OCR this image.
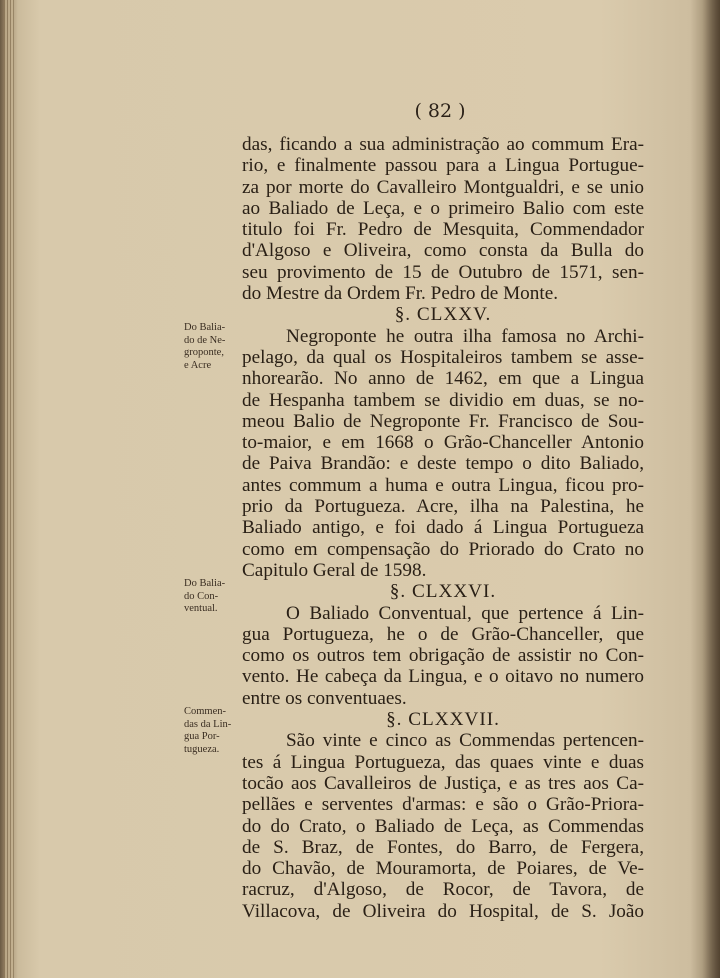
( 82 )
das, ficando a sua administração ao commum Era-
rio, e finalmente passou para a Lingua Portugue-
za por morte do Cavalleiro Montgualdri, e se unio
ao Baliado de Leça, e o primeiro Balio com este
titulo foi Fr. Pedro de Mesquita, Commendador
d'Algoso e Oliveira, como consta da Bulla do
seu provimento de 15 de Outubro de 1571, sen-
do Mestre da Ordem Fr. Pedro de Monte.
§. CLXXV.
Negroponte he outra ilha famosa no Archi-
pelago, da qual os Hospitaleiros tambem se asse-
nhorearão. No anno de 1462, em que a Lingua
de Hespanha tambem se dividio em duas, se no-
meou Balio de Negroponte Fr. Francisco de Sou-
to-maior, e em 1668 o Grão-Chanceller Antonio
de Paiva Brandão: e deste tempo o dito Baliado,
antes commum a huma e outra Lingua, ficou pro-
prio da Portugueza. Acre, ilha na Palestina, he
Baliado antigo, e foi dado á Lingua Portugueza
como em compensação do Priorado do Crato no
Capitulo Geral de 1598.
§. CLXXVI.
O Baliado Conventual, que pertence á Lin-
gua Portugueza, he o de Grão-Chanceller, que
como os outros tem obrigação de assistir no Con-
vento. He cabeça da Lingua, e o oitavo no numero
entre os conventuaes.
§. CLXXVII.
São vinte e cinco as Commendas pertencen-
tes á Lingua Portugueza, das quaes vinte e duas
tocão aos Cavalleiros de Justiça, e as tres aos Ca-
pellães e serventes d'armas: e são o Grão-Priora-
do do Crato, o Baliado de Leça, as Commendas
de S. Braz, de Fontes, do Barro, de Fergera,
do Chavão, de Mouramorta, de Poiares, de Ve-
racruz, d'Algoso, de Rocor, de Tavora, de
Villacova, de Oliveira do Hospital, de S. João
Do Balia-
do de Ne-
groponte,
e Acre
Do Balia-
do Con-
ventual.
Commen-
das da Lin-
gua Por-
tugueza.
